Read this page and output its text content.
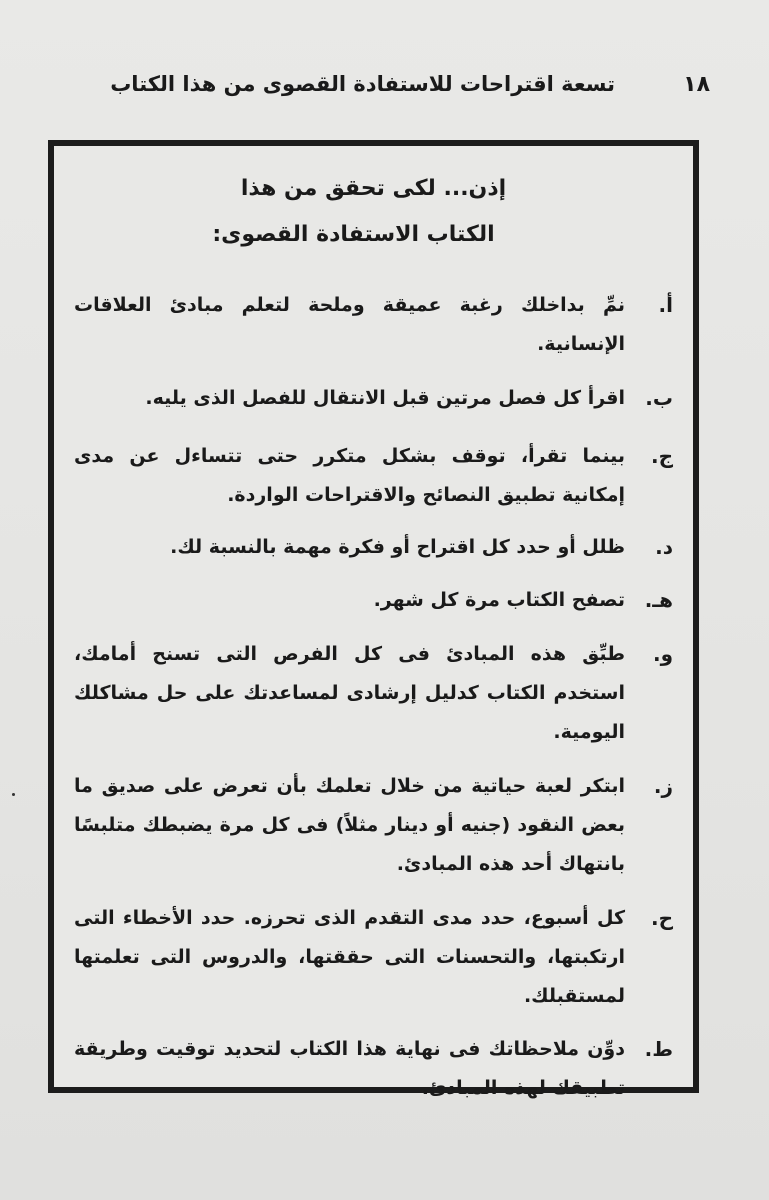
١٨
تسعة اقتراحات للاستفادة القصوى من هذا الكتاب
إذن... لكى تحقق من هذا
الكتاب الاستفادة القصوى:
أ.
نمِّ بداخلك رغبة عميقة وملحة لتعلم مبادئ العلاقات الإنسانية.
ب.
اقرأ كل فصل مرتين قبل الانتقال للفصل الذى يليه.
ج.
بينما تقرأ، توقف بشكل متكرر حتى تتساءل عن مدى إمكانية تطبيق النصائح والاقتراحات الواردة.
د.
ظلل أو حدد كل اقتراح أو فكرة مهمة بالنسبة لك.
هـ.
تصفح الكتاب مرة كل شهر.
و.
طبِّق هذه المبادئ فى كل الفرص التى تسنح أمامك، استخدم الكتاب كدليل إرشادى لمساعدتك على حل مشاكلك اليومية.
ز.
ابتكر لعبة حياتية من خلال تعلمك بأن تعرض على صديق ما بعض النقود (جنيه أو دينار مثلاً) فى كل مرة يضبطك متلبسًا بانتهاك أحد هذه المبادئ.
ح.
كل أسبوع، حدد مدى التقدم الذى تحرزه. حدد الأخطاء التى ارتكبتها، والتحسنات التى حققتها، والدروس التى تعلمتها لمستقبلك.
ط.
دوِّن ملاحظاتك فى نهاية هذا الكتاب لتحديد توقيت وطريقة تطبيقك لهذه المبادئ.
